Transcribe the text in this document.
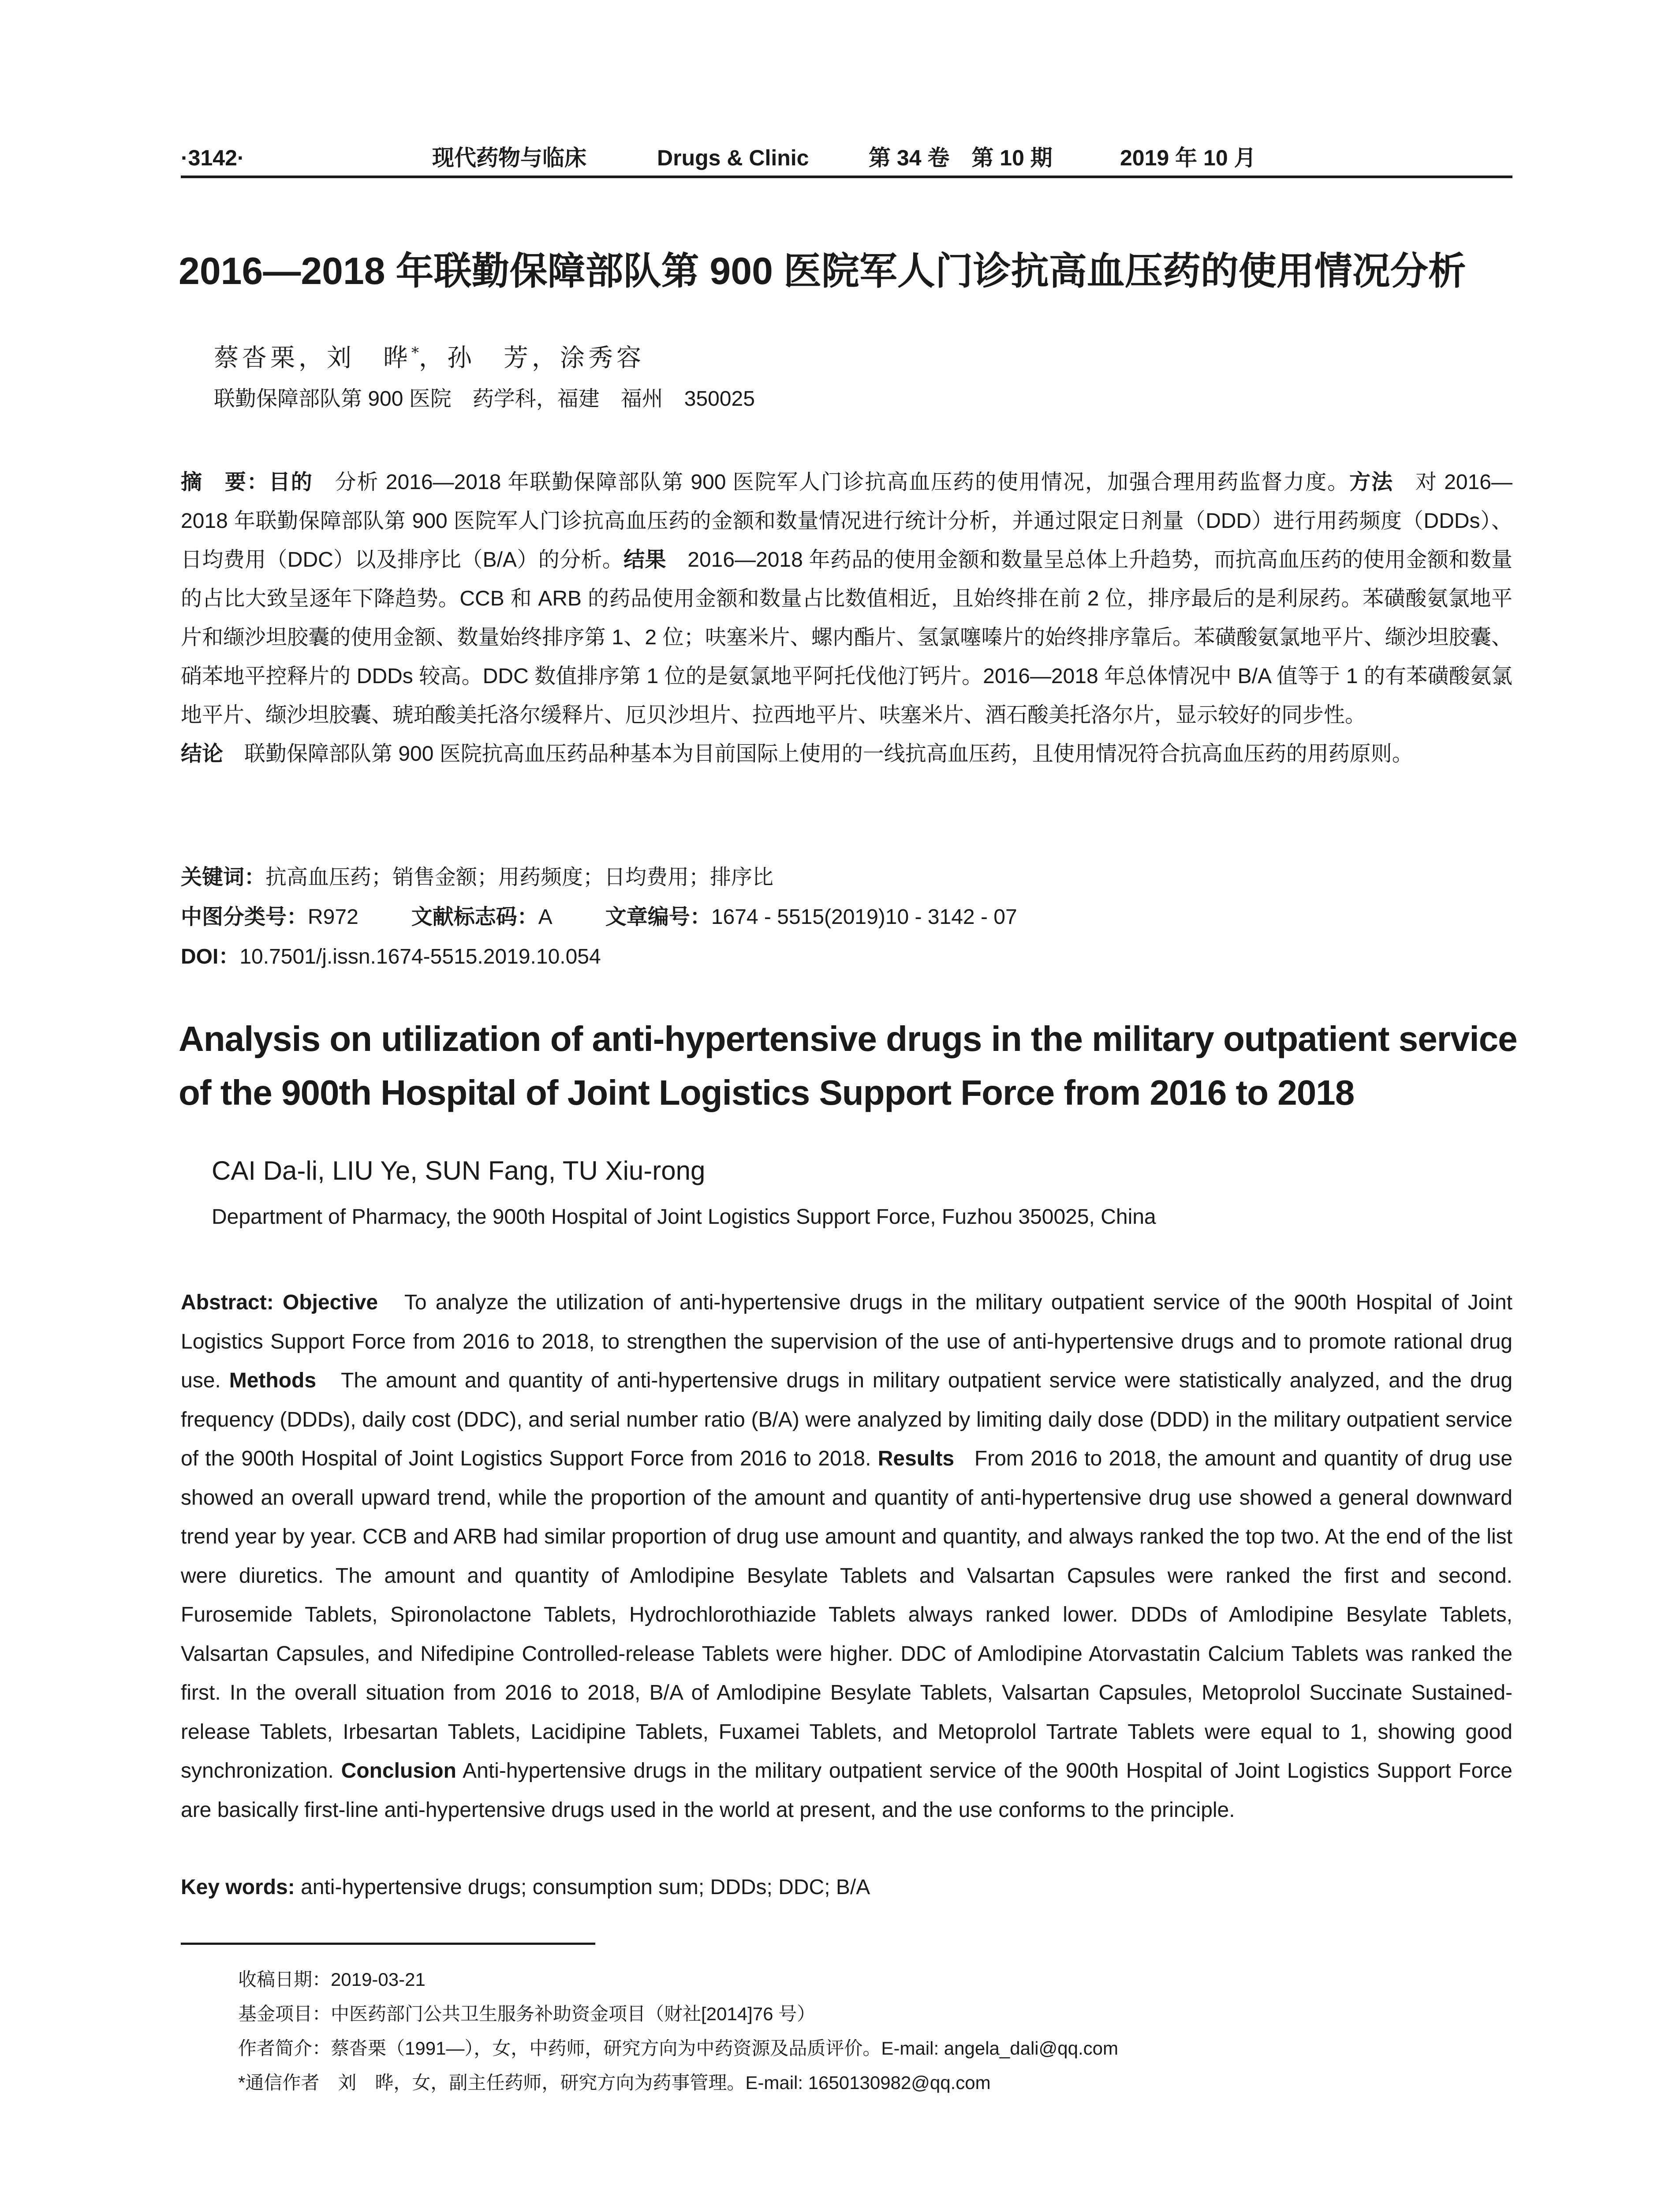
·3142·	现代药物与临床	Drugs & Clinic	第 34 卷　第 10 期	2019 年 10 月
2016—2018 年联勤保障部队第 900 医院军人门诊抗高血压药的使用情况分析
蔡沓栗，刘　晔*，孙　芳，涂秀容
联勤保障部队第 900 医院　药学科，福建　福州　350025
摘　要：目的　分析 2016—2018 年联勤保障部队第 900 医院军人门诊抗高血压药的使用情况，加强合理用药监督力度。方法　对 2016—2018 年联勤保障部队第 900 医院军人门诊抗高血压药的金额和数量情况进行统计分析，并通过限定日剂量（DDD）进行用药频度（DDDs）、日均费用（DDC）以及排序比（B/A）的分析。结果　2016—2018 年药品的使用金额和数量呈总体上升趋势，而抗高血压药的使用金额和数量的占比大致呈逐年下降趋势。CCB 和 ARB 的药品使用金额和数量占比数值相近，且始终排在前 2 位，排序最后的是利尿药。苯磺酸氨氯地平片和缬沙坦胶囊的使用金额、数量始终排序第 1、2 位；呋塞米片、螺内酯片、氢氯噻嗪片的始终排序靠后。苯磺酸氨氯地平片、缬沙坦胶囊、硝苯地平控释片的 DDDs 较高。DDC 数值排序第 1 位的是氨氯地平阿托伐他汀钙片。2016—2018 年总体情况中 B/A 值等于 1 的有苯磺酸氨氯地平片、缬沙坦胶囊、琥珀酸美托洛尔缓释片、厄贝沙坦片、拉西地平片、呋塞米片、酒石酸美托洛尔片，显示较好的同步性。
结论　联勤保障部队第 900 医院抗高血压药品种基本为目前国际上使用的一线抗高血压药，且使用情况符合抗高血压药的用药原则。
关键词：抗高血压药；销售金额；用药频度；日均费用；排序比
中图分类号：R972	文献标志码：A	文章编号：1674 - 5515(2019)10 - 3142 - 07
DOI：10.7501/j.issn.1674-5515.2019.10.054
Analysis on utilization of anti-hypertensive drugs in the military outpatient service
of the 900th Hospital of Joint Logistics Support Force from 2016 to 2018
CAI Da-li, LIU Ye, SUN Fang, TU Xiu-rong
Department of Pharmacy, the 900th Hospital of Joint Logistics Support Force, Fuzhou 350025, China
Abstract: Objective To analyze the utilization of anti-hypertensive drugs in the military outpatient service of the 900th Hospital of Joint Logistics Support Force from 2016 to 2018, to strengthen the supervision of the use of anti-hypertensive drugs and to promote rational drug use. Methods The amount and quantity of anti-hypertensive drugs in military outpatient service were statistically analyzed, and the drug frequency (DDDs), daily cost (DDC), and serial number ratio (B/A) were analyzed by limiting daily dose (DDD) in the military outpatient service of the 900th Hospital of Joint Logistics Support Force from 2016 to 2018. Results From 2016 to 2018, the amount and quantity of drug use showed an overall upward trend, while the proportion of the amount and quantity of anti-hypertensive drug use showed a general downward trend year by year. CCB and ARB had similar proportion of drug use amount and quantity, and always ranked the top two. At the end of the list were diuretics. The amount and quantity of Amlodipine Besylate Tablets and Valsartan Capsules were ranked the first and second. Furosemide Tablets, Spironolactone Tablets, Hydrochlorothiazide Tablets always ranked lower. DDDs of Amlodipine Besylate Tablets, Valsartan Capsules, and Nifedipine Controlled-release Tablets were higher. DDC of Amlodipine Atorvastatin Calcium Tablets was ranked the first. In the overall situation from 2016 to 2018, B/A of Amlodipine Besylate Tablets, Valsartan Capsules, Metoprolol Succinate Sustained-release Tablets, Irbesartan Tablets, Lacidipine Tablets, Fuxamei Tablets, and Metoprolol Tartrate Tablets were equal to 1, showing good synchronization. Conclusion Anti-hypertensive drugs in the military outpatient service of the 900th Hospital of Joint Logistics Support Force are basically first-line anti-hypertensive drugs used in the world at present, and the use conforms to the principle.
Key words: anti-hypertensive drugs; consumption sum; DDDs; DDC; B/A
收稿日期：2019-03-21
基金项目：中医药部门公共卫生服务补助资金项目（财社[2014]76 号）
作者简介：蔡沓栗（1991—），女，中药师，研究方向为中药资源及品质评价。E-mail: angela_dali@qq.com
*通信作者　刘　晔，女，副主任药师，研究方向为药事管理。E-mail: 1650130982@qq.com
